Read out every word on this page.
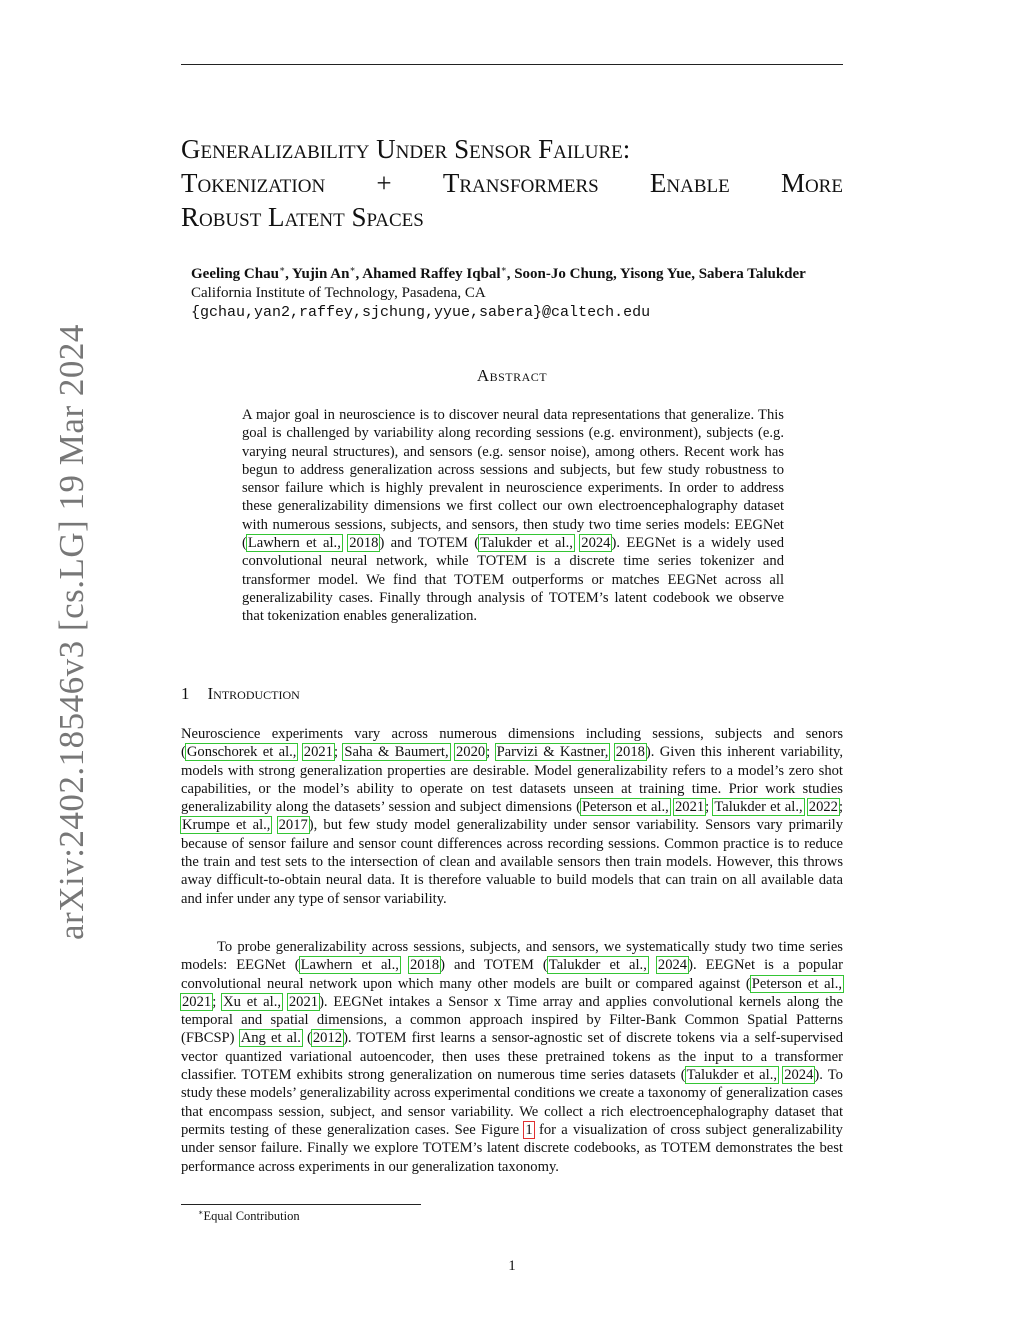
arXiv:2402.18546v3 [cs.LG] 19 Mar 2024
Generalizability Under Sensor Failure:
Tokenization + Transformers Enable More
Robust Latent Spaces
Geeling Chau∗, Yujin An∗, Ahamed Raffey Iqbal∗, Soon-Jo Chung, Yisong Yue, Sabera Talukder
California Institute of Technology, Pasadena, CA
{gchau,yan2,raffey,sjchung,yyue,sabera}@caltech.edu
Abstract
A major goal in neuroscience is to discover neural data representations that generalize. This goal is challenged by variability along recording sessions (e.g. environment), subjects (e.g. varying neural structures), and sensors (e.g. sensor noise), among others. Recent work has begun to address generalization across sessions and subjects, but few study robustness to sensor failure which is highly prevalent in neuroscience experiments. In order to address these generalizability dimensions we first collect our own electroencephalography dataset with numerous sessions, subjects, and sensors, then study two time series models: EEGNet (Lawhern et al., 2018) and TOTEM (Talukder et al., 2024). EEGNet is a widely used convolutional neural network, while TOTEM is a discrete time series tokenizer and transformer model. We find that TOTEM outperforms or matches EEGNet across all generalizability cases. Finally through analysis of TOTEM’s latent codebook we observe that tokenization enables generalization.
1 Introduction
Neuroscience experiments vary across numerous dimensions including sessions, subjects and senors (Gonschorek et al., 2021; Saha & Baumert, 2020; Parvizi & Kastner, 2018). Given this inherent variability, models with strong generalization properties are desirable. Model generalizability refers to a model’s zero shot capabilities, or the model’s ability to operate on test datasets unseen at training time. Prior work studies generalizability along the datasets’ session and subject dimensions (Peterson et al., 2021; Talukder et al., 2022; Krumpe et al., 2017), but few study model generalizability under sensor variability. Sensors vary primarily because of sensor failure and sensor count differences across recording sessions. Common practice is to reduce the train and test sets to the intersection of clean and available sensors then train models. However, this throws away difficult-to-obtain neural data. It is therefore valuable to build models that can train on all available data and infer under any type of sensor variability.
To probe generalizability across sessions, subjects, and sensors, we systematically study two time series models: EEGNet (Lawhern et al., 2018) and TOTEM (Talukder et al., 2024). EEGNet is a popular convolutional neural network upon which many other models are built or compared against (Peterson et al., 2021; Xu et al., 2021). EEGNet intakes a Sensor x Time array and applies convolutional kernels along the temporal and spatial dimensions, a common approach inspired by Filter-Bank Common Spatial Patterns (FBCSP) Ang et al. (2012). TOTEM first learns a sensor-agnostic set of discrete tokens via a self-supervised vector quantized variational autoencoder, then uses these pretrained tokens as the input to a transformer classifier. TOTEM exhibits strong generalization on numerous time series datasets (Talukder et al., 2024). To study these models’ generalizability across experimental conditions we create a taxonomy of generalization cases that encompass session, subject, and sensor variability. We collect a rich electroencephalography dataset that permits testing of these generalization cases. See Figure 1 for a visualization of cross subject generalizability under sensor failure. Finally we explore TOTEM’s latent discrete codebooks, as TOTEM demonstrates the best performance across experiments in our generalization taxonomy.
∗Equal Contribution
1
